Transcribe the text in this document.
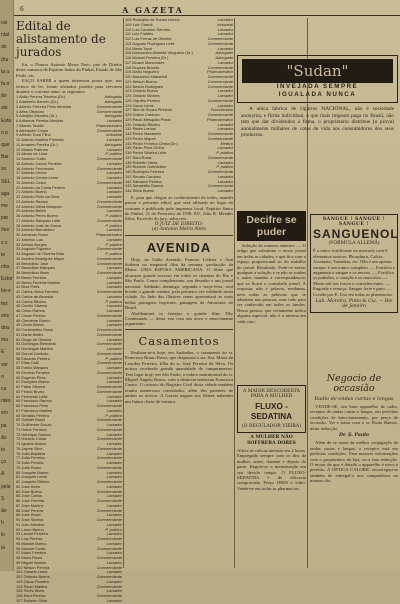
exi
ntal
do
(ha
ta u
fa o
ão
ale
Esta
o p
que
Bar
so
SEL
agu
me
par
ões
s s
te
nho
Estor
bo-e
tes
ons
dou
ma
E
ver
o
ca
ntes
em
pa
ão
to
ço
A
pela
S
ão
h
lo
ia
6	A GAZETA
Edital de alistamento de jurados
Eu, o Doutor Antonio Meira Neto, juiz de Direito desta comarca de Espírito Santo do Pinhal, Estado de São Paulo, etc.
FAÇO SABER a quem interessar possa que, nos termos da lei, foram alistados jurados para servirem durante o corrente anno, os seguintes:
1 Abilio Pereira Teixeira (Dr.)	Advogado
2 Adalberto Barreto (Dr.)	Advogado
3 Alberto Ferreira Pinto Almeida	Commerciante
4 Alfeu Ottoboni	Commerciante
5 Adolpho Mendes (Dr.)	Advogado
6 Adhemar Pereira Mendes	Lavrador
7 Alberto Taddei	Pharmaceutico
8 Alexandre Cesar	Commerciante
9 Alfredo Tozzi Filho	Industrial
10 Antonio Martins Pimenta	Lavrador
11 Amadeu Pereira (Dr.)	Advogado
12 Aluizio Palermo	Lavrador
13 Alvaro de Lima	P. publico
14 Americo Gallo	Commerciante
15 Antonio Carlos Ferreira	Lavrador
16 Antonio Fernandes	Commerciante
17 Antonio Carlos	Lavrador
18 Antonio Corrêa Leme	Lavrador
19 Antonio Costa	Commerciante
20 Antonio da Costa Pereira	Lavrador
21 Antonio Bueno	Lavrador
22 Antonio Pinto da Silva	Lavrador
23 Antonio Ramos	Commerciante
24 Antonio Vieira Marques	Commerciante
25 Antonio Bellini	Lavrador
26 Antonio Peres Bueno	P. publico
27 Antonio Sampaio Leite	Commerciante
28 Antonio José de Souza	P. publico
29 Antonio Bernardino	Lavrador
30 Armando Rossi	Pharmaceutico
31 Americo Luz	Lavrador
32 Arlindo Borges	P. publico
33 Augusto Figueira	Commerciante
34 Augusto de Oliveira Dias	P. publico
35 Avelino Rodrigues Mayer	Commerciante
36 Benedicto José	Commerciante
37 Benedicto Marques	Lavrador
38 Benedicto Alves	Commerciante
39 Bento Ferreira	Lavrador
40 Bento Ferreira Martins	Lavrador
41 Braz Pires	Lavrador
42 Carlos Vieira Ferreira	Commerciante
43 Carlos de Almeida	Lavrador
44 Carlos Ribeiro	P. publico
45 Cecilio Silveira	Lavrador
46 Celso Ramos	Lavrador
47 Cesar Pereira	Commerciante
48 Clemente Bueno	Lavrador
49 Clovis Bueno	Lavrador
50 Constantino Rossi	Commerciante
51 Dante Bellini	Commerciante
52 Diogo de Oliveira	Lavrador
53 Domingos Bernardo	Commerciante
54 Domingos Martins	Lavrador
55 Durval Cardoso	Commerciante
56 Eduardo Pereira	P. publico
57 Elias Calil	Commerciante
58 Emilio Marques	Lavrador
59 Ernesto Ferreira	Commerciante
60 Eugenio Pires	Lavrador
61 Euclydes Bueno	Lavrador
62 Fabio Silveira	Commerciante
63 Felicio Bruno	Commerciante
64 Fernando Leite	Lavrador
65 Francisco Ramos	Lavrador
66 Francisco Pinto	Commerciante
67 Francisco Martins	Lavrador
68 Geraldo Pereira	P. publico
69 Gabriel Rossi	Commerciante
70 Guilherme Souza	Lavrador
71 Heitor Ferreira	Commerciante
72 Henrique Santos	Lavrador
73 Horacio Costa	Commerciante
74 Ignacio Bueno	Lavrador
75 Jayme Silva	Commerciante
76 João Baptista	Lavrador
77 João Ferreira	Commerciante
78 João Pereira	Lavrador
79 João Rossi	Commerciante
80 Joaquim Bueno	Lavrador
81 Joaquim Leme	Lavrador
82 Joaquim Ribeiro	Commerciante
83 José Alves	Lavrador
84 José Bueno	Commerciante
85 José Carlos	Lavrador
86 José Ferreira	Commerciante
87 José Martins	Lavrador
88 José Pereira	Commerciante
89 José Rossi	Lavrador
90 José Silveira	Commerciante
91 Julio Mendes	Lavrador
92 Lauro Bueno	P. publico
93 Leonel Ferreira	Lavrador
94 Luiz Pereira	Commerciante
95 Manoel Bueno	Lavrador
96 Manoel Costa	Commerciante
97 Mario Ferreira	Lavrador
98 Mario Rossi	Commerciante
99 Miguel Santos	Lavrador
100 Nelson Pereira	Commerciante
101 Octavio Leme	Lavrador
102 Orlando Bueno	Commerciante
103 Oscar Ferreira	Lavrador
104 Paulo Martins	Commerciante
105 Pedro Alves	Lavrador
106 Raul Pereira	Commerciante
107 Roberto Silva	Lavrador
108 Rodolpho de Souza Lemos	Lavrador
109 Luiz Grandi	Industrial
110 Luiz Carneiro Serrano	Lavrador
111 Luiz Fraldes	Lavrador
112 Luiz Ferraz de Oliveira	Commerciante
113 Augusto Rodrigues Leite	Commerciante
114 Mario Tozzi	Lavrador
115 Marcondes Almeida Vergueiro (Dr.)	Advogado
116 Manoel Ferreira (Dr.)	Advogado
117 Moacir Marcondes	Lavrador
118 Moyses Brando	Commerciante
119 Mario Nogueira	Pharmaceutico
120 Nazareno Maestrelli	Commerciante
121 Nelson Bueno	Commerciante
122 Nestor Rodrigues	Commerciante
123 Octavio Bueno	Lavrador
124 Octavio Silveira	Lavrador
125 Olyntho Pereira	Commerciante
126 Oscar Leme	Lavrador
127 Nilo de Souza Pinheiro	Funccionario
128 Odilon Cardoso	Commerciante
129 Paulo Mesquita Prado	Pharmaceutico
130 Orlando Ribeiro	Lavrador
131 Pedro Lemos	Lavrador
132 Pedro Maestrelli	Commerciante
133 Pedro Miguel	Commerciante
134 Pedro Ferreira Cintra (Dr.)	Medico
135 Paulo Pires Cintra	Lavrador
136 Pedro Silveira Leite	P. publico
137 Raul Rossi	Commerciante
138 Roberto Vieira	Lavrador
139 Rubens Guimarães	P. publico
140 Rodolpho Ferreira	Commerciante
141 Renato Cardoso	Lavrador
142 Salvador Pereira	Lavrador
143 Sebastião Ramos	Commerciante
144 Silvio Bueno	Lavrador
E, para que chegue ao conhecimento de todos, mandei passar o presente edital, que será affixado no logar do costume e publicado pela imprensa local. Espírito Santo do Pinhal, 21 de Fevereiro de 1938. EU, João B. Mendes Silva, Escrivão do jury, subscrevi.
O JUIZ DE DIREITO:
(a) Antonio Meira Neto
AVENIDA
Hoje, no Salão Avenida, Frances Lederer e Ann Sothern no magistral film da semana, producção da Metro: UMA ESPOSA AMERICANA. O filme que alcançou grande sucesso em todos os cinemas do Rio e São Paulo. Como complemento, um desenho e um jornal nacional. Sabbado, domingo, segunda e terça-feira, será levado o grande cinema, pela primeira vez exhibido nesta cidade. Ao lado das illustres cenas apresentará as mais bellas paisagens tropicaes, paisagem da Amazonia do Brasil.
Abrilhantará os festejos o grande film: Não Continuarás — desta vez com um novo e emocionante argumento.
Casamentos
Realizar-se-á hoje, em Andradas, o casamento do sr. Francisco Bruno Rossi, que desposará a sra. Sra. Maria de Lourdes Ferreira, filha do sr. José Ferreira da Silva. Os noivos receberão grande quantidade de cumprimentos. Terá logar hoje, em São Paulo, o enlace matrimonial do sr. Miguel Angelo Russo, com a distincta senhorita Francisca Castro. O cartorio do Registro Civil desta cidade também reuniu numerosos convidados, além dos parentes de ambos os noivos. A Gazeta augura aos felizes nubentes um futuro cheio de ventura.
"Sudan"
INVEJADA SEMPRE
IGUALADA NUNCA
A unica fabrica de cigarros NACIONAL, não é sociedade anonyma, e firma individual, e que mais imposto paga no Brasil, não tem que dar dividendos á firma, o proprietario distribue (o prova) annualmente milhares de cotas de vida aos consumidores dos seus productos.
Decifre se puder
Solução do numero anterior: — O artigo que substituiu o nosso jornal em todas as cidades, e que fica com o espaço proporcional ao do trabalho do jornal. Resultado: Pode-se enviar qualquer a solução e se não se souber o autor, mandar a correspondencia, que se ficará o consulado jornal. A resposta: não é palavra, nenhuma, nem todas as palavras que se admitem nas pessoas, mas tudo para ser conhecido em todos os fundos. Nessa pessoa, que certamente indica alguma especial, não é a mesma em cada caso.
A MAIOR DESCOBERTA PARA A MULHER
FLUXO - SEDATINA
(O REGULADOR VIEIRA)
A MULHER NÃO SOFFRERÁ DORES
Alivia as colicas uterinas em 2 horas. Empregado sempre com os fins da mulher, antes, durante e depois do parto. Regula-se a menstruação em seu devido tempo. O FLUXO-SEDATINA é de efficacia comprovada. Preço 1$800 o vidro. Vende-se em todas as pharmacias.
SANGUE ! SANGUE ! SANGUE !
SANGUENOL
(FORMULA ALLEMÃ)
É o unico fortificante no mercado com 6 elementos tonicos: Phosphoro, Calcio, Arseniato, Vanadato, etc. Não é um apenas xarope: é um tonico completo. — Fortifica e augmenta o sangue e os nervos. — Fortifica os pulmões, o coração e os musculos. — Muito util aos fracos e convalescentes. — Engorda e remoça. Sangue forte e puro. — Creado por E. Uso em todas as pharmacias.
Lab. Moreira, Pinto & Cia. — Rio de Janeiro
Negocio de occasião
Radio de ondas curtas e longas
VENDE-SE, um bom apparelho de radio, receptor de ondas curtas e longas, em perfeitas condições de funccionamento, por preço de occasião. Ver e tratar com o sr. Paulo Ramos, nesta redacção.
Dr. Ş. Paulo
Além de se tratar da melhor conjugação de ondas curtas e longas, o receptor está em perfeitas condições. Para maiores informações com o proprietario da loja, ou a esta redacção. O motor de que é dotado o apparelho é novo e perfeito. A OPTICA CALORIC encarregou-se também de entregal-o aos compradores no mesmo dia.
